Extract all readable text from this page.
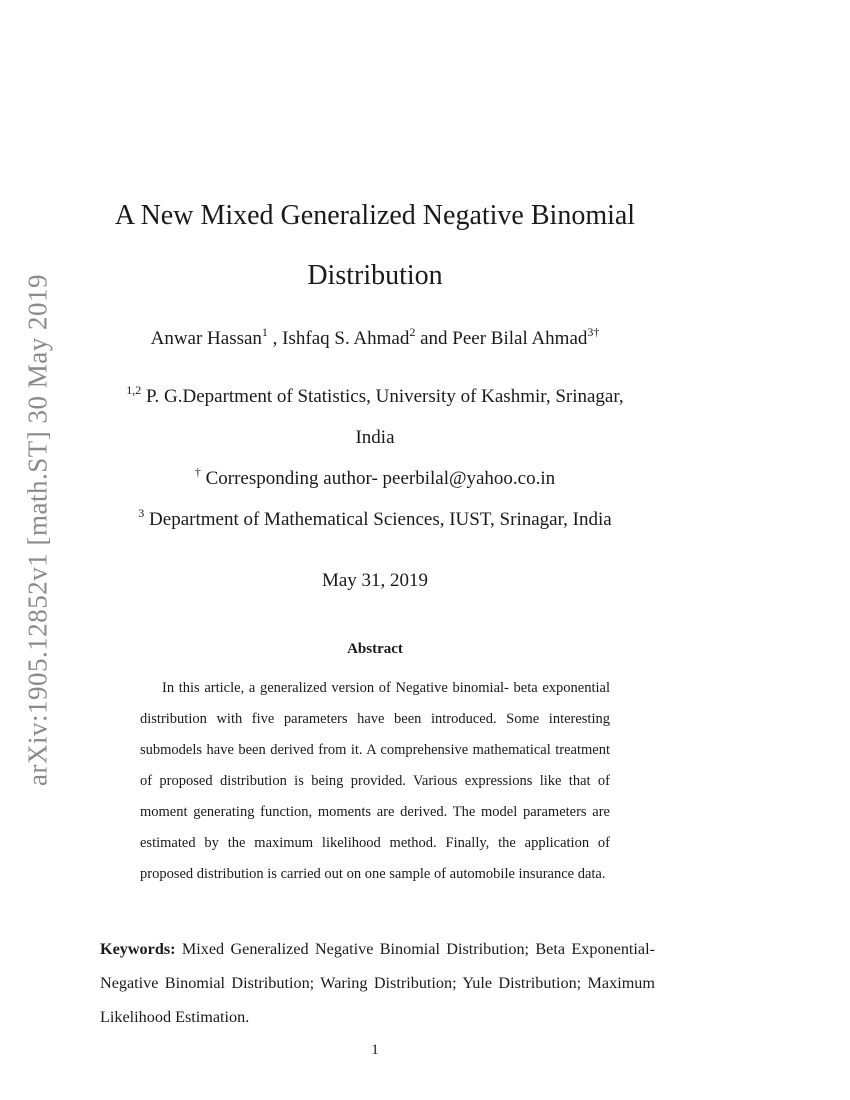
arXiv:1905.12852v1 [math.ST] 30 May 2019
A New Mixed Generalized Negative Binomial Distribution
Anwar Hassan$^1$ , Ishfaq S. Ahmad$^2$ and Peer Bilal Ahmad$^{3\dagger}$
$^{1,2}$ P. G.Department of Statistics, University of Kashmir, Srinagar,
India
† Corresponding author- peerbilal@yahoo.co.in
$^3$ Department of Mathematical Sciences, IUST, Srinagar, India
May 31, 2019
Abstract
In this article, a generalized version of Negative binomial- beta exponential distribution with five parameters have been introduced. Some interesting submodels have been derived from it. A comprehensive mathematical treatment of proposed distribution is being provided. Various expressions like that of moment generating function, moments are derived. The model parameters are estimated by the maximum likelihood method. Finally, the application of proposed distribution is carried out on one sample of automobile insurance data.
Keywords: Mixed Generalized Negative Binomial Distribution; Beta Exponential-Negative Binomial Distribution; Waring Distribution; Yule Distribution; Maximum Likelihood Estimation.
1
